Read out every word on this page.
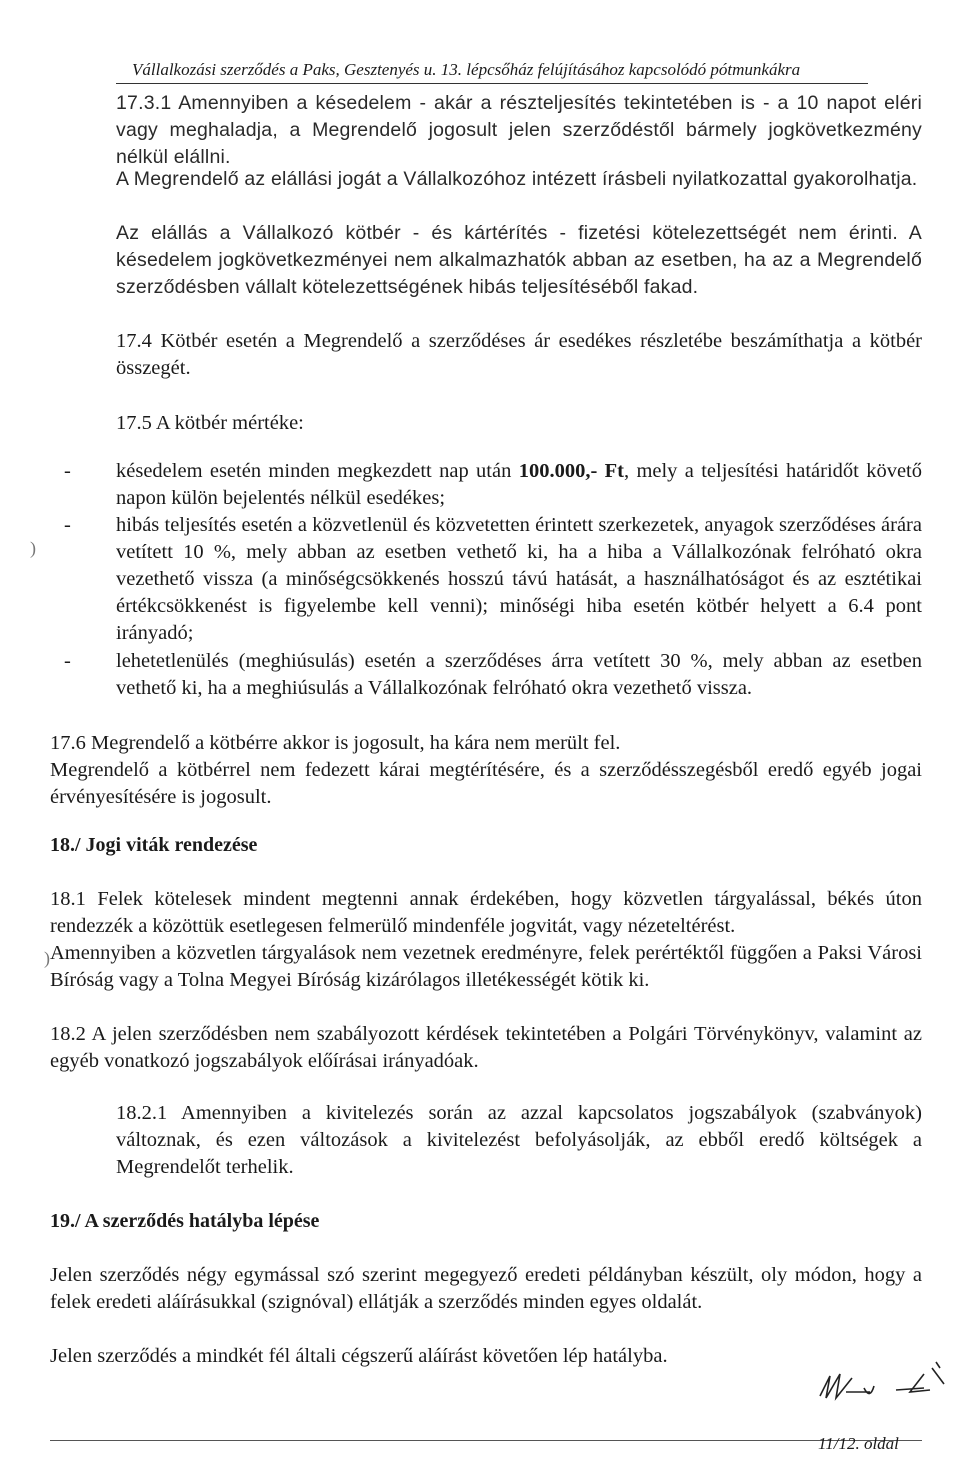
Vállalkozási szerződés a Paks, Gesztenyés u. 13. lépcsőház felújításához kapcsolódó pótmunkákra

17.3.1 Amennyiben a késedelem - akár a részteljesítés tekintetében is - a 10 napot eléri vagy meghaladja, a Megrendelő jogosult jelen szerződéstől bármely jogkövetkezmény nélkül elállni.

A Megrendelő az elállási jogát a Vállalkozóhoz intézett írásbeli nyilatkozattal gyakorolhatja.

Az elállás a Vállalkozó kötbér - és kártérítés - fizetési kötelezettségét nem érinti. A késedelem jogkövetkezményei nem alkalmazhatók abban az esetben, ha az a Megrendelő szerződésben vállalt kötelezettségének hibás teljesítéséből fakad.

17.4 Kötbér esetén a Megrendelő a szerződéses ár esedékes részletébe beszámíthatja a kötbér összegét.

17.5 A kötbér mértéke:

- késedelem esetén minden megkezdett nap után 100.000,- Ft, mely a teljesítési határidőt követő napon külön bejelentés nélkül esedékes;
- hibás teljesítés esetén a közvetlenül és közvetetten érintett szerkezetek, anyagok szerződéses árára vetített 10 %, mely abban az esetben vethető ki, ha a hiba a Vállalkozónak felróható okra vezethető vissza (a minőségcsökkenés hosszú távú hatását, a használhatóságot és az esztétikai értékcsökkenést is figyelembe kell venni); minőségi hiba esetén kötbér helyett a 6.4 pont irányadó;
- lehetetlenülés (meghiúsulás) esetén a szerződéses árra vetített 30 %, mely abban az esetben vethető ki, ha a meghiúsulás a Vállalkozónak felróható okra vezethető vissza.

17.6 Megrendelő a kötbérre akkor is jogosult, ha kára nem merült fel.

Megrendelő a kötbérrel nem fedezett kárai megtérítésére, és a szerződésszegésből eredő egyéb jogai érvényesítésére is jogosult.

18./ Jogi viták rendezése

18.1 Felek kötelesek mindent megtenni annak érdekében, hogy közvetlen tárgyalással, békés úton rendezzék a közöttük esetlegesen felmerülő mindenféle jogvitát, vagy nézeteltérést.

Amennyiben a közvetlen tárgyalások nem vezetnek eredményre, felek perértéktől függően a Paksi Városi Bíróság vagy a Tolna Megyei Bíróság kizárólagos illetékességét kötik ki.

18.2 A jelen szerződésben nem szabályozott kérdések tekintetében a Polgári Törvénykönyv, valamint az egyéb vonatkozó jogszabályok előírásai irányadóak.

18.2.1 Amennyiben a kivitelezés során az azzal kapcsolatos jogszabályok (szabványok) változnak, és ezen változások a kivitelezést befolyásolják, az ebből eredő költségek a Megrendelőt terhelik.

19./ A szerződés hatályba lépése

Jelen szerződés négy egymással szó szerint megegyező eredeti példányban készült, oly módon, hogy a felek eredeti aláírásukkal (szignóval) ellátják a szerződés minden egyes oldalát.

Jelen szerződés a mindkét fél általi cégszerű aláírást követően lép hatályba.

)
)
11/12. oldal
